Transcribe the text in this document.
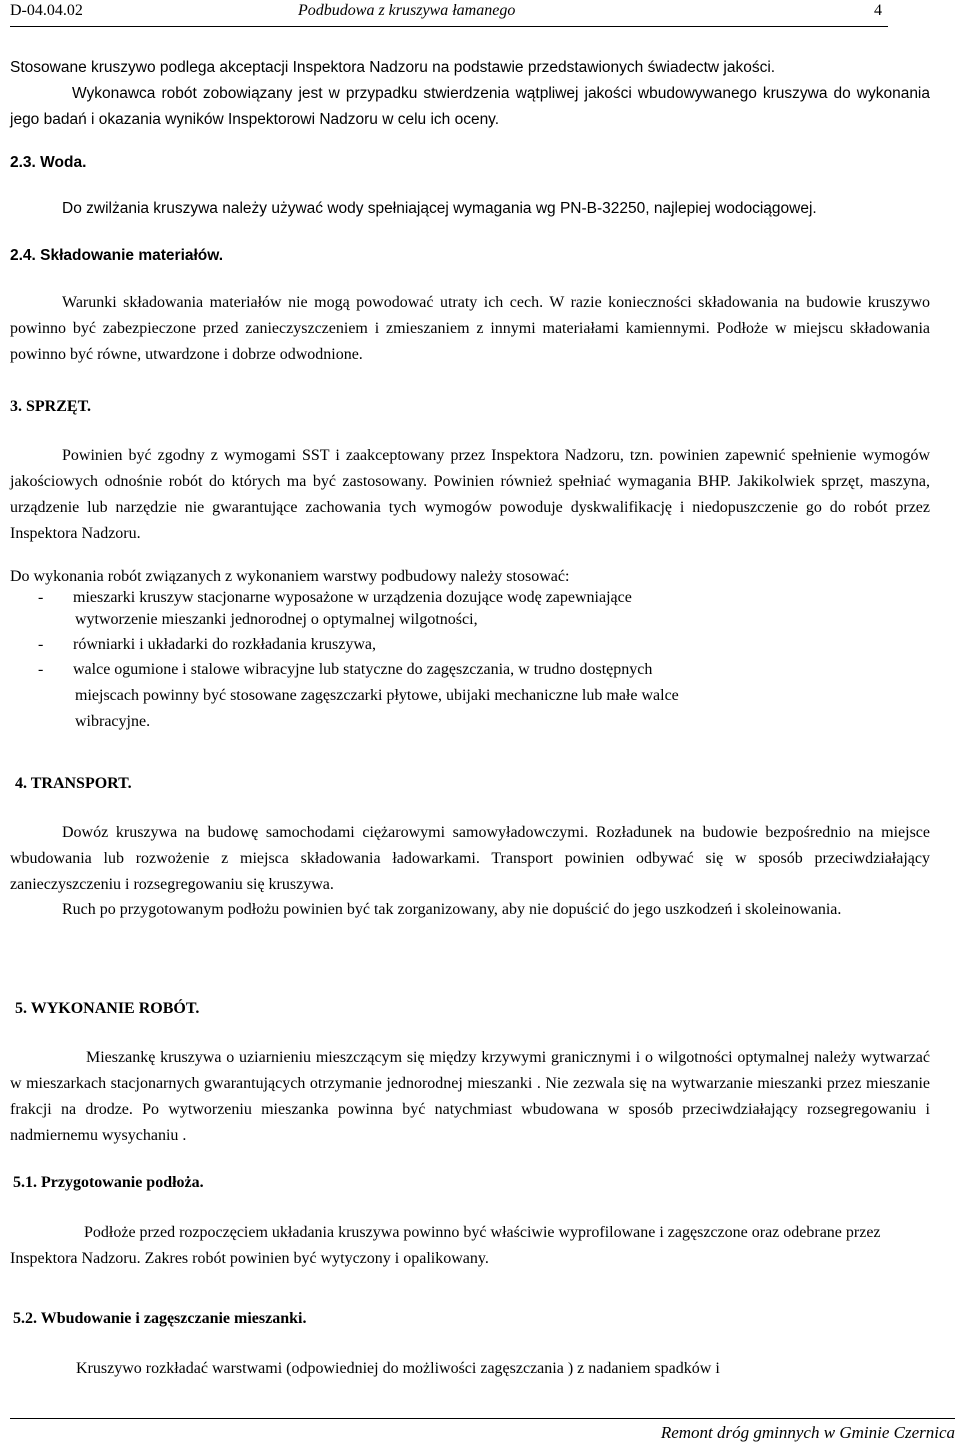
D-04.04.02	Podbudowa z kruszywa łamanego	4
Stosowane kruszywo podlega akceptacji Inspektora Nadzoru na podstawie przedstawionych świadectw jakości.
Wykonawca robót zobowiązany jest w przypadku stwierdzenia wątpliwej jakości wbudowywanego kruszywa do wykonania jego badań i okazania wyników Inspektorowi Nadzoru w celu ich oceny.
2.3. Woda.
Do zwilżania kruszywa należy używać wody spełniającej wymagania wg PN-B-32250, najlepiej wodociągowej.
2.4. Składowanie materiałów.
Warunki składowania materiałów nie mogą powodować utraty ich cech. W razie konieczności składowania na budowie kruszywo powinno być zabezpieczone przed zanieczyszczeniem i zmieszaniem z innymi materiałami kamiennymi. Podłoże w miejscu składowania powinno być równe, utwardzone i dobrze odwodnione.
3. SPRZĘT.
Powinien być zgodny z wymogami SST i zaakceptowany przez Inspektora Nadzoru, tzn. powinien zapewnić spełnienie wymogów jakościowych odnośnie robót do których ma być zastosowany. Powinien również spełniać wymagania BHP. Jakikolwiek sprzęt, maszyna, urządzenie lub narzędzie nie gwarantujące zachowania tych wymogów powoduje dyskwalifikację i niedopuszczenie go do robót przez Inspektora Nadzoru.
Do wykonania robót związanych z wykonaniem warstwy podbudowy należy stosować:
- mieszarki kruszyw stacjonarne wyposażone w urządzenia dozujące wodę zapewniające
wytworzenie mieszanki jednorodnej o optymalnej wilgotności,
- równiarki i układarki do rozkładania kruszywa,
- walce ogumione i stalowe wibracyjne lub statyczne do zagęszczania, w trudno dostępnych
miejscach powinny być stosowane zagęszczarki płytowe, ubijaki mechaniczne lub małe walce
wibracyjne.
4. TRANSPORT.
Dowóz kruszywa na budowę samochodami ciężarowymi samowyładowczymi. Rozładunek na budowie bezpośrednio na miejsce wbudowania lub rozwożenie z miejsca składowania ładowarkami. Transport powinien odbywać się w sposób przeciwdziałający zanieczyszczeniu i rozsegregowaniu się kruszywa.
Ruch po przygotowanym podłożu powinien być tak zorganizowany, aby nie dopuścić do jego uszkodzeń i skoleinowania.
5. WYKONANIE ROBÓT.
Mieszankę kruszywa o uziarnieniu mieszczącym się między krzywymi granicznymi i o wilgotności optymalnej należy wytwarzać w mieszarkach stacjonarnych gwarantujących otrzymanie jednorodnej mieszanki . Nie zezwala się na wytwarzanie mieszanki przez mieszanie frakcji na drodze. Po wytworzeniu mieszanka powinna być natychmiast wbudowana w sposób przeciwdziałający rozsegregowaniu i nadmiernemu wysychaniu .
5.1. Przygotowanie podłoża.
Podłoże przed rozpoczęciem układania kruszywa powinno być właściwie wyprofilowane i zagęszczone oraz odebrane przez Inspektora Nadzoru. Zakres robót powinien być wytyczony i opalikowany.
5.2. Wbudowanie i zagęszczanie mieszanki.
Kruszywo rozkładać warstwami (odpowiedniej do możliwości zagęszczania ) z nadaniem spadków i
Remont dróg gminnych w Gminie Czernica
